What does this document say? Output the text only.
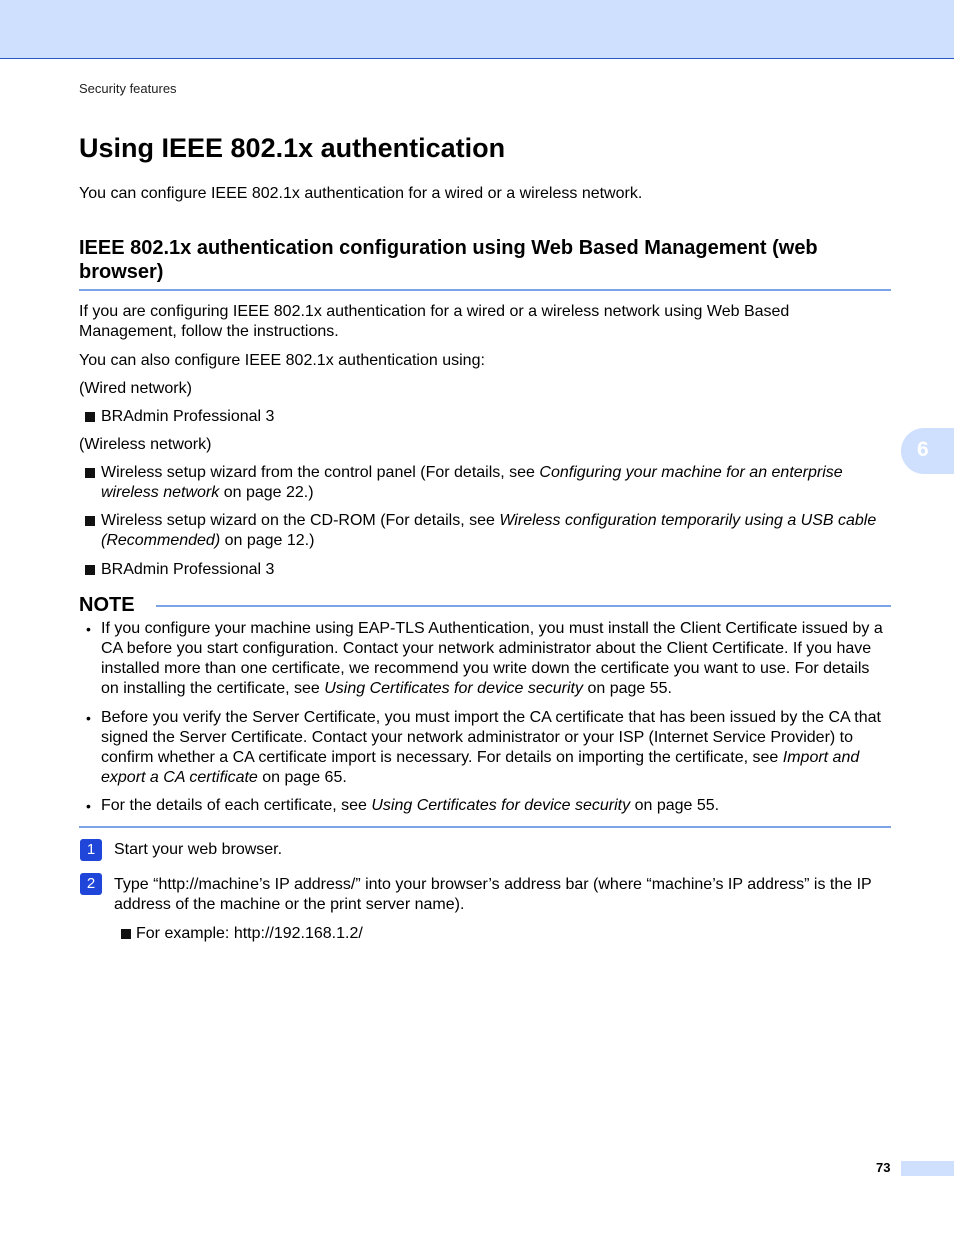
Security features
Using IEEE 802.1x authentication

You can configure IEEE 802.1x authentication for a wired or a wireless network.

IEEE 802.1x authentication configuration using Web Based Management (web browser)

If you are configuring IEEE 802.1x authentication for a wired or a wireless network using Web Based Management, follow the instructions.

You can also configure IEEE 802.1x authentication using:

(Wired network)

BRAdmin Professional 3

(Wireless network)

Wireless setup wizard from the control panel (For details, see Configuring your machine for an enterprise wireless network on page 22.)

Wireless setup wizard on the CD-ROM (For details, see Wireless configuration temporarily using a USB cable (Recommended) on page 12.)

BRAdmin Professional 3

6

NOTE

• If you configure your machine using EAP-TLS Authentication, you must install the Client Certificate issued by a CA before you start configuration. Contact your network administrator about the Client Certificate. If you have installed more than one certificate, we recommend you write down the certificate you want to use. For details on installing the certificate, see Using Certificates for device security on page 55.

• Before you verify the Server Certificate, you must import the CA certificate that has been issued by the CA that signed the Server Certificate. Contact your network administrator or your ISP (Internet Service Provider) to confirm whether a CA certificate import is necessary. For details on importing the certificate, see Import and export a CA certificate on page 65.

• For the details of each certificate, see Using Certificates for device security on page 55.

1	Start your web browser.

2	Type “http://machine’s IP address/” into your browser’s address bar (where “machine’s IP address” is the IP address of the machine or the print server name).

For example: http://192.168.1.2/

73
